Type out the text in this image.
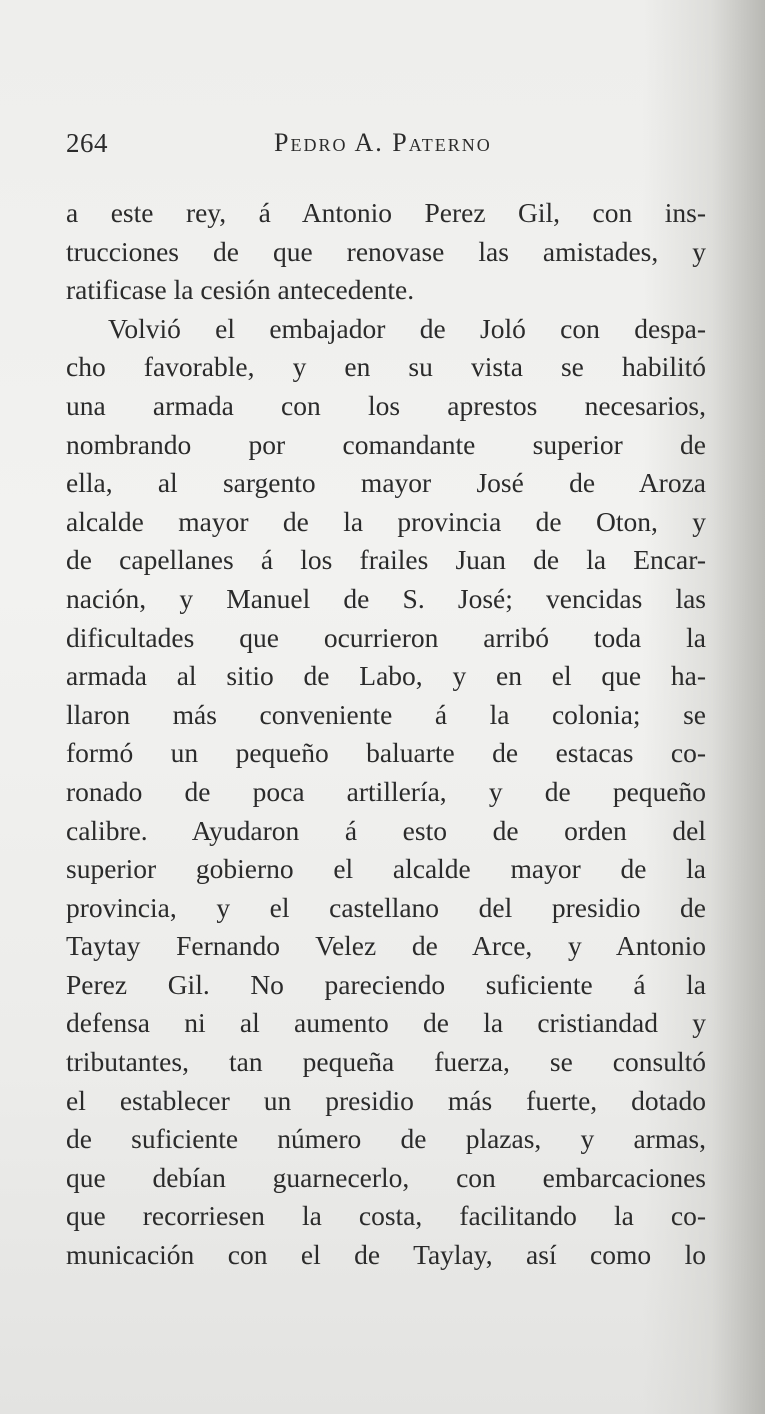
264	Pedro A. Paterno
a este rey, á Antonio Perez Gil, con ins-
trucciones de que renovase las amistades, y
ratificase la cesión antecedente.
Volvió el embajador de Joló con despa-
cho favorable, y en su vista se habilitó
una armada con los aprestos necesarios,
nombrando por comandante superior de
ella, al sargento mayor José de Aroza
alcalde mayor de la provincia de Oton, y
de capellanes á los frailes Juan de la Encar-
nación, y Manuel de S. José; vencidas las
dificultades que ocurrieron arribó toda la
armada al sitio de Labo, y en el que ha-
llaron más conveniente á la colonia; se
formó un pequeño baluarte de estacas co-
ronado de poca artillería, y de pequeño
calibre. Ayudaron á esto de orden del
superior gobierno el alcalde mayor de la
provincia, y el castellano del presidio de
Taytay Fernando Velez de Arce, y Antonio
Perez Gil. No pareciendo suficiente á la
defensa ni al aumento de la cristiandad y
tributantes, tan pequeña fuerza, se consultó
el establecer un presidio más fuerte, dotado
de suficiente número de plazas, y armas,
que debían guarnecerlo, con embarcaciones
que recorriesen la costa, facilitando la co-
municación con el de Taylay, así como lo
